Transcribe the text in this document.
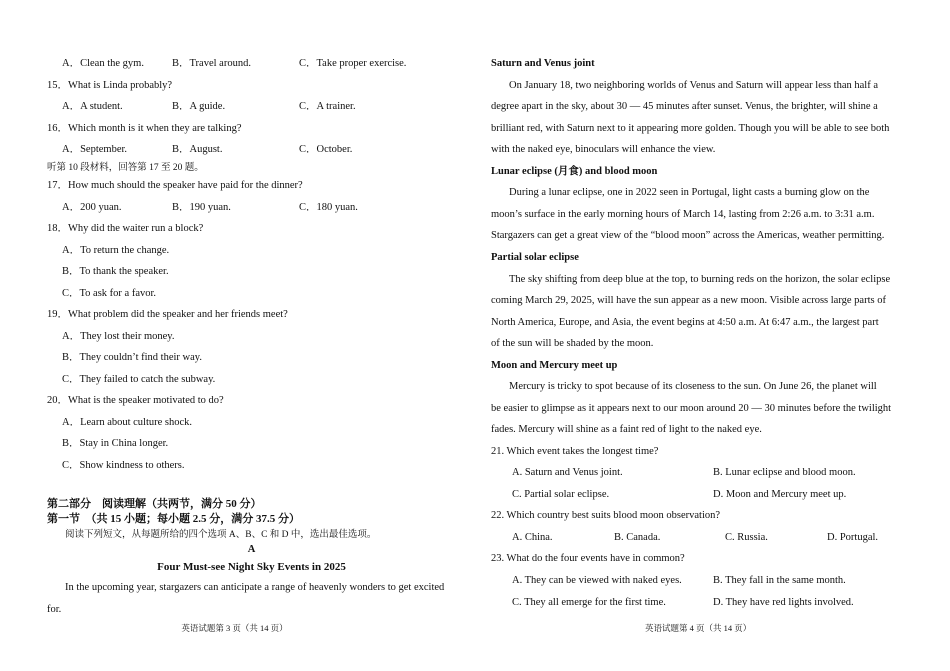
A．Clean the gym.	B．Travel around.	C．Take proper exercise.
15．What is Linda probably?
A．A student.	B．A guide.	C．A trainer.
16．Which month is it when they are talking?
A．September.	B．August.	C．October.
听第 10 段材料，回答第 17 至 20 题。
17．How much should the speaker have paid for the dinner?
A．200 yuan.	B．190 yuan.	C．180 yuan.
18．Why did the waiter run a block?
A．To return the change.
B．To thank the speaker.
C．To ask for a favor.
19．What problem did the speaker and her friends meet?
A．They lost their money.
B．They couldn’t find their way.
C．They failed to catch the subway.
20．What is the speaker motivated to do?
A．Learn about culture shock.
B．Stay in China longer.
C．Show kindness to others.
第二部分　阅读理解（共两节，满分 50 分）
第一节　（共 15 小题；每小题 2.5 分，满分 37.5 分）
阅读下列短文，从每题所给的四个选项 A、B、C 和 D 中，选出最佳选项。
A
Four Must-see Night Sky Events in 2025
In the upcoming year, stargazers can anticipate a range of heavenly wonders to get excited
for.
英语试题第 3 页（共 14 页）
Saturn and Venus joint
On January 18, two neighboring worlds of Venus and Saturn will appear less than half a
degree apart in the sky, about 30 — 45 minutes after sunset. Venus, the brighter, will shine a
brilliant red, with Saturn next to it appearing more golden. Though you will be able to see both
with the naked eye, binoculars will enhance the view.
Lunar eclipse (月食) and blood moon
During a lunar eclipse, one in 2022 seen in Portugal, light casts a burning glow on the
moon’s surface in the early morning hours of March 14, lasting from 2:26 a.m. to 3:31 a.m.
Stargazers can get a great view of the “blood moon” across the Americas, weather permitting.
Partial solar eclipse
The sky shifting from deep blue at the top, to burning reds on the horizon, the solar eclipse
coming March 29, 2025, will have the sun appear as a new moon. Visible across large parts of
North America, Europe, and Asia, the event begins at 4:50 a.m. At 6:47 a.m., the largest part
of the sun will be shaded by the moon.
Moon and Mercury meet up
Mercury is tricky to spot because of its closeness to the sun. On June 26, the planet will
be easier to glimpse as it appears next to our moon around 20 — 30 minutes before the twilight
fades. Mercury will shine as a faint red of light to the naked eye.
21. Which event takes the longest time?
A. Saturn and Venus joint.	B. Lunar eclipse and blood moon.
C. Partial solar eclipse.	D. Moon and Mercury meet up.
22. Which country best suits blood moon observation?
A. China.	B. Canada.	C. Russia.	D. Portugal.
23. What do the four events have in common?
A. They can be viewed with naked eyes.	B. They fall in the same month.
C. They all emerge for the first time.	D. They have red lights involved.
英语试题第 4 页（共 14 页）
